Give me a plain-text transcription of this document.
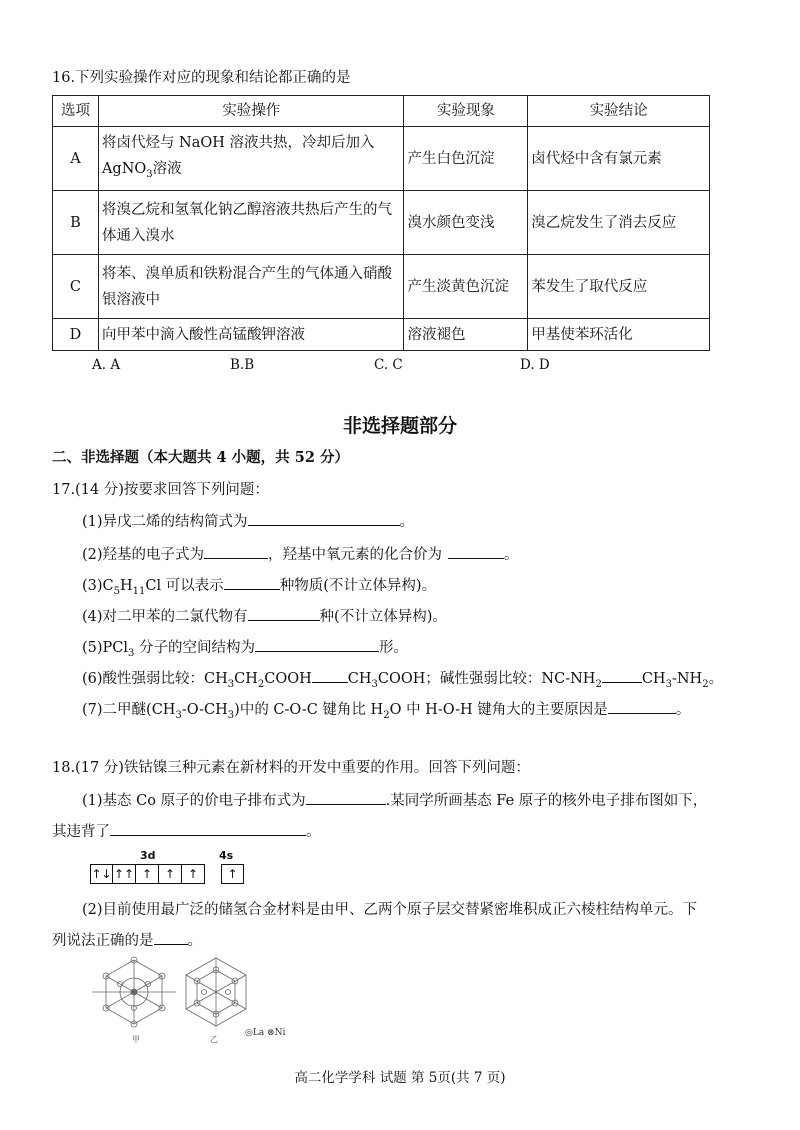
16.下列实验操作对应的现象和结论都正确的是
选项	实验操作	实验现象	实验结论
A	将卤代烃与 NaOH 溶液共热，冷却后加入 AgNO$_3$溶液	产生白色沉淀	卤代烃中含有氯元素
B	将溴乙烷和氢氧化钠乙醇溶液共热后产生的气体通入溴水	溴水颜色变浅	溴乙烷发生了消去反应
C	将苯、溴单质和铁粉混合产生的气体通入硝酸银溶液中	产生淡黄色沉淀	苯发生了取代反应
D	向甲苯中滴入酸性高锰酸钾溶液	溶液褪色	甲基使苯环活化
A. A	B.B	C. C	D. D
非选择题部分
二、非选择题（本大题共 4 小题，共 52 分）
17.(14 分)按要求回答下列问题：
(1)异戊二烯的结构简式为	。
(2)羟基的电子式为	，羟基中氧元素的化合价为	。
$(3)C_5H_{11}Cl$ 可以表示	种物质(不计立体异构)。
(4)对二甲苯的二氯代物有	种(不计立体异构)。
(5)PCl$_3$ 分子的空间结构为	形。
(6)酸性强弱比较：$CH_3CH_2COOH$ $CH_3COOH$；碱性强弱比较：$NC-NH_2$	$CH_3-NH_2$。
(7)二甲醚$(CH_3-O-CH_3)$中的 C-O-C 键角比 $H_2O$ 中 H-O-H 键角大的主要原因是	。
18.(17 分)铁钴镍三种元素在新材料的开发中重要的作用。回答下列问题：
(1)基态 Co 原子的价电子排布式为	.某同学所画基态 Fe 原子的核外电子排布图如下，
其违背了	。
3d	4s
↑↓ ↑↑ ↑	↑	↑	↑
(2)目前使用最广泛的储氢合金材料是由甲、乙两个原子层交替紧密堆积成正六棱柱结构单元。下
列说法正确的是 。
甲	乙
◎La ⊗Ni
高二化学学科 试题 第 5页(共 7 页)
